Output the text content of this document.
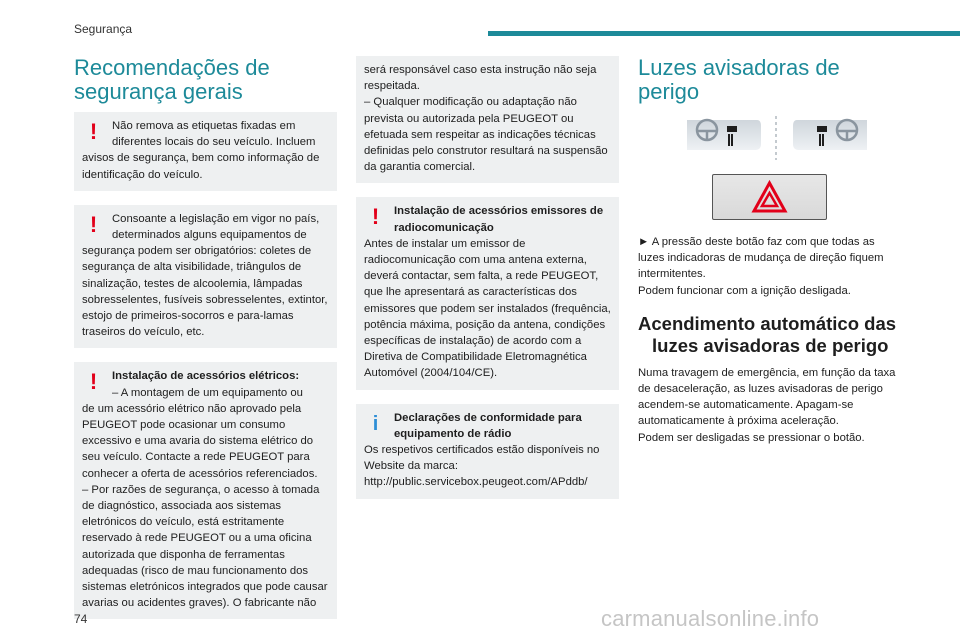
Segurança
Recomendações de
segurança gerais
!	Não remova as etiquetas fixadas em diferentes locais do seu veículo. Incluem

avisos de segurança, bem como informação de identificação do veículo.

!	Consoante a legislação em vigor no país, determinados alguns equipamentos de

segurança podem ser obrigatórios: coletes de segurança de alta visibilidade, triângulos de sinalização, testes de alcoolemia, lâmpadas sobresselentes, fusíveis sobresselentes, extintor, estojo de primeiros-socorros e para-lamas traseiros do veículo, etc.

!	Instalação de acessórios elétricos:

– A montagem de um equipamento ou

de um acessório elétrico não aprovado pela PEUGEOT pode ocasionar um consumo excessivo e uma avaria do sistema elétrico do seu veículo. Contacte a rede PEUGEOT para conhecer a oferta de acessórios referenciados.

– Por razões de segurança, o acesso à tomada de diagnóstico, associada aos sistemas eletrónicos do veículo, está estritamente reservado à rede PEUGEOT ou a uma oficina autorizada que disponha de ferramentas adequadas (risco de mau funcionamento dos sistemas eletrónicos integrados que pode causar avarias ou acidentes graves). O fabricante não

será responsável caso esta instrução não seja respeitada.

– Qualquer modificação ou adaptação não prevista ou autorizada pela PEUGEOT ou efetuada sem respeitar as indicações técnicas definidas pelo construtor resultará na suspensão da garantia comercial.

!	Instalação de acessórios emissores de radiocomunicação

Antes de instalar um emissor de radiocomunicação com uma antena externa, deverá contactar, sem falta, a rede PEUGEOT, que lhe apresentará as características dos emissores que podem ser instalados (frequência, potência máxima, posição da antena, condições específicas de instalação) de acordo com a Diretiva de Compatibilidade Eletromagnética Automóvel (2004/104/CE).

i	Declarações de conformidade para equipamento de rádio

Os respetivos certificados estão disponíveis no Website da marca:

http://public.servicebox.peugeot.com/APddb/

Luzes avisadoras de perigo

► A pressão deste botão faz com que todas as luzes indicadoras de mudança de direção fiquem intermitentes.

Podem funcionar com a ignição desligada.

Acendimento automático das
luzes avisadoras de perigo

Numa travagem de emergência, em função da taxa de desaceleração, as luzes avisadoras de perigo acendem-se automaticamente. Apagam-se automaticamente à próxima aceleração.

Podem ser desligadas se pressionar o botão.

74	carmanualsonline.info
